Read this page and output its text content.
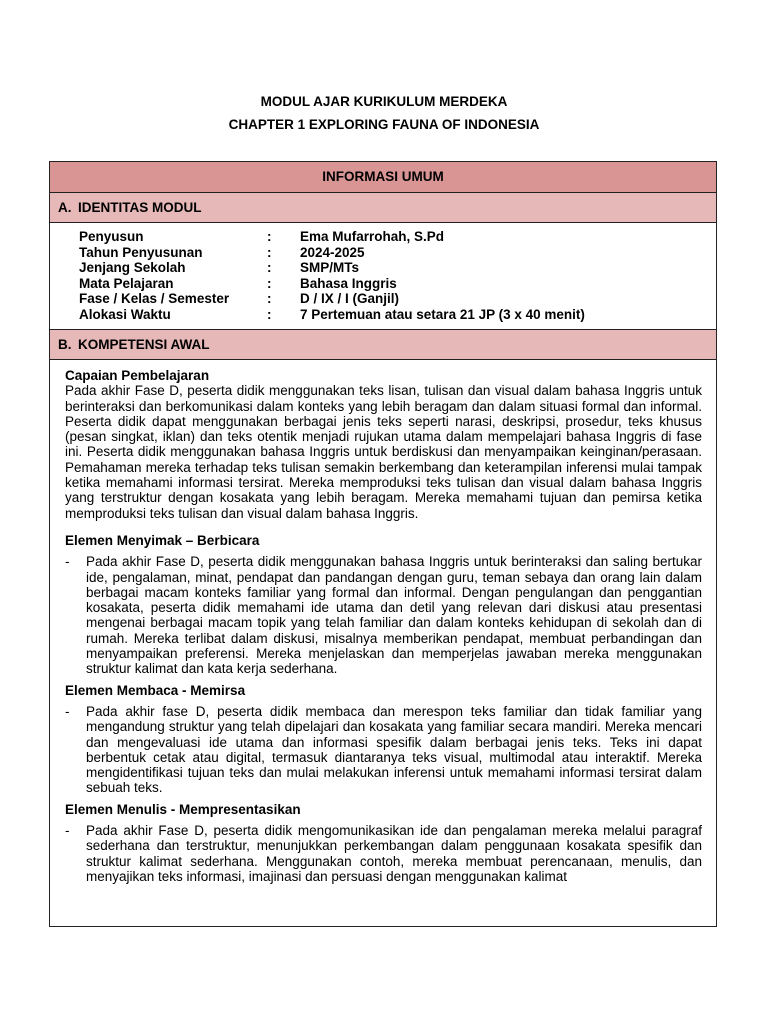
MODUL AJAR KURIKULUM MERDEKA
CHAPTER 1 EXPLORING FAUNA OF INDONESIA
INFORMASI UMUM
A. IDENTITAS MODUL
Penyusun	:	Ema Mufarrohah, S.Pd
Tahun Penyusunan	:	2024-2025
Jenjang Sekolah	:	SMP/MTs
Mata Pelajaran	:	Bahasa Inggris
Fase / Kelas / Semester	:	D / IX / I (Ganjil)
Alokasi Waktu	:	7 Pertemuan atau setara 21 JP (3 x 40 menit)
B. KOMPETENSI AWAL
Capaian Pembelajaran
Pada akhir Fase D, peserta didik menggunakan teks lisan, tulisan dan visual dalam bahasa Inggris untuk berinteraksi dan berkomunikasi dalam konteks yang lebih beragam dan dalam situasi formal dan informal. Peserta didik dapat menggunakan berbagai jenis teks seperti narasi, deskripsi, prosedur, teks khusus (pesan singkat, iklan) dan teks otentik menjadi rujukan utama dalam mempelajari bahasa Inggris di fase ini. Peserta didik menggunakan bahasa Inggris untuk berdiskusi dan menyampaikan keinginan/perasaan. Pemahaman mereka terhadap teks tulisan semakin berkembang dan keterampilan inferensi mulai tampak ketika memahami informasi tersirat. Mereka memproduksi teks tulisan dan visual dalam bahasa Inggris yang terstruktur dengan kosakata yang lebih beragam. Mereka memahami tujuan dan pemirsa ketika memproduksi teks tulisan dan visual dalam bahasa Inggris.
Elemen Menyimak – Berbicara
-	Pada akhir Fase D, peserta didik menggunakan bahasa Inggris untuk berinteraksi dan saling bertukar ide, pengalaman, minat, pendapat dan pandangan dengan guru, teman sebaya dan orang lain dalam berbagai macam konteks familiar yang formal dan informal. Dengan pengulangan dan penggantian kosakata, peserta didik memahami ide utama dan detil yang relevan dari diskusi atau presentasi mengenai berbagai macam topik yang telah familiar dan dalam konteks kehidupan di sekolah dan di rumah. Mereka terlibat dalam diskusi, misalnya memberikan pendapat, membuat perbandingan dan menyampaikan preferensi. Mereka menjelaskan dan memperjelas jawaban mereka menggunakan struktur kalimat dan kata kerja sederhana.
Elemen Membaca - Memirsa
-	Pada akhir fase D, peserta didik membaca dan merespon teks familiar dan tidak familiar yang mengandung struktur yang telah dipelajari dan kosakata yang familiar secara mandiri. Mereka mencari dan mengevaluasi ide utama dan informasi spesifik dalam berbagai jenis teks. Teks ini dapat berbentuk cetak atau digital, termasuk diantaranya teks visual, multimodal atau interaktif. Mereka mengidentifikasi tujuan teks dan mulai melakukan inferensi untuk memahami informasi tersirat dalam sebuah teks.
Elemen Menulis - Mempresentasikan
-	Pada akhir Fase D, peserta didik mengomunikasikan ide dan pengalaman mereka melalui paragraf sederhana dan terstruktur, menunjukkan perkembangan dalam penggunaan kosakata spesifik dan struktur kalimat sederhana. Menggunakan contoh, mereka membuat perencanaan, menulis, dan menyajikan teks informasi, imajinasi dan persuasi dengan menggunakan kalimat
